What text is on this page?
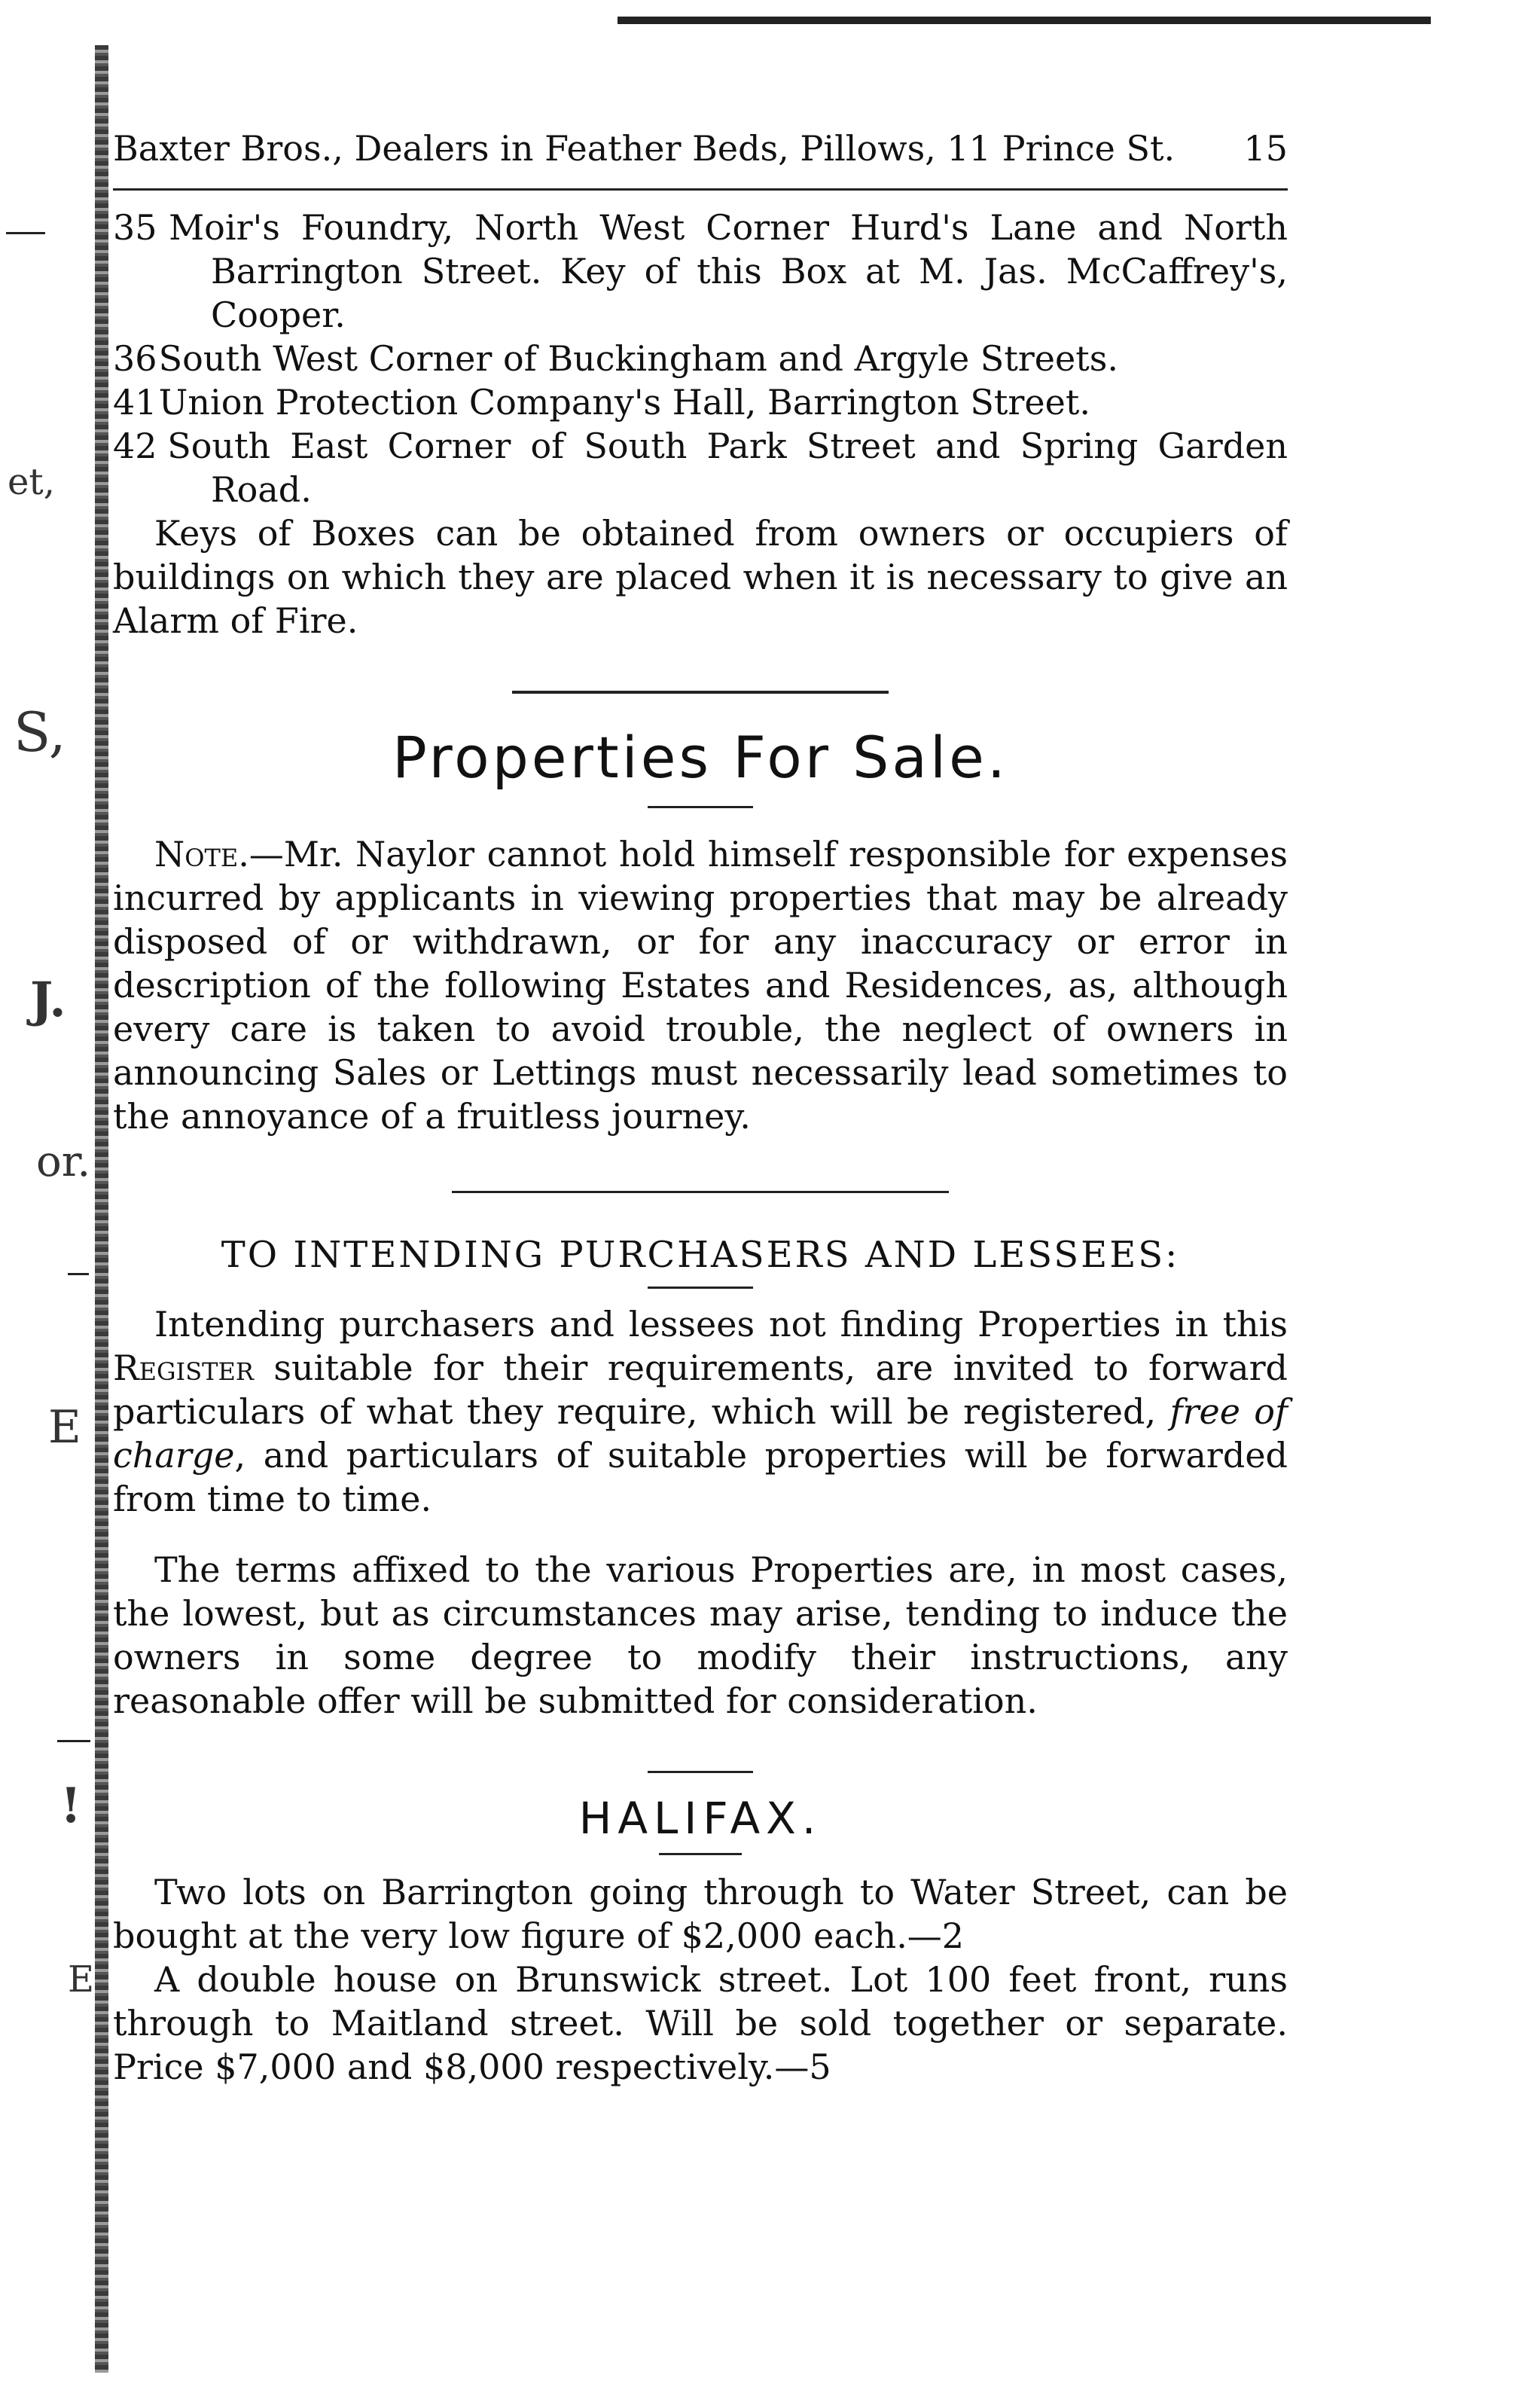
et,
S,
J.
or.
E
!
E
Baxter Bros., Dealers in Feather Beds, Pillows, 11 Prince St. 15
35 Moir's Foundry, North West Corner Hurd's Lane and North Barrington Street. Key of this Box at M. Jas. McCaffrey's, Cooper.
36 South West Corner of Buckingham and Argyle Streets.
41 Union Protection Company's Hall, Barrington Street.
42 South East Corner of South Park Street and Spring Garden Road.

Keys of Boxes can be obtained from owners or occupiers of buildings on which they are placed when it is necessary to give an Alarm of Fire.

Properties For Sale.

Note.—Mr. Naylor cannot hold himself responsible for expenses incurred by applicants in viewing properties that may be already disposed of or withdrawn, or for any inaccuracy or error in description of the following Estates and Residences, as, although every care is taken to avoid trouble, the neglect of owners in announcing Sales or Lettings must necessarily lead sometimes to the annoyance of a fruitless journey.

TO INTENDING PURCHASERS AND LESSEES:

Intending purchasers and lessees not finding Properties in this Register suitable for their requirements, are invited to forward particulars of what they require, which will be registered, free of charge, and particulars of suitable properties will be forwarded from time to time.

The terms affixed to the various Properties are, in most cases, the lowest, but as circumstances may arise, tending to induce the owners in some degree to modify their instructions, any reasonable offer will be submitted for consideration.

HALIFAX.

Two lots on Barrington going through to Water Street, can be bought at the very low figure of $2,000 each.—2

A double house on Brunswick street. Lot 100 feet front, runs through to Maitland street. Will be sold together or separate. Price $7,000 and $8,000 respectively.—5
